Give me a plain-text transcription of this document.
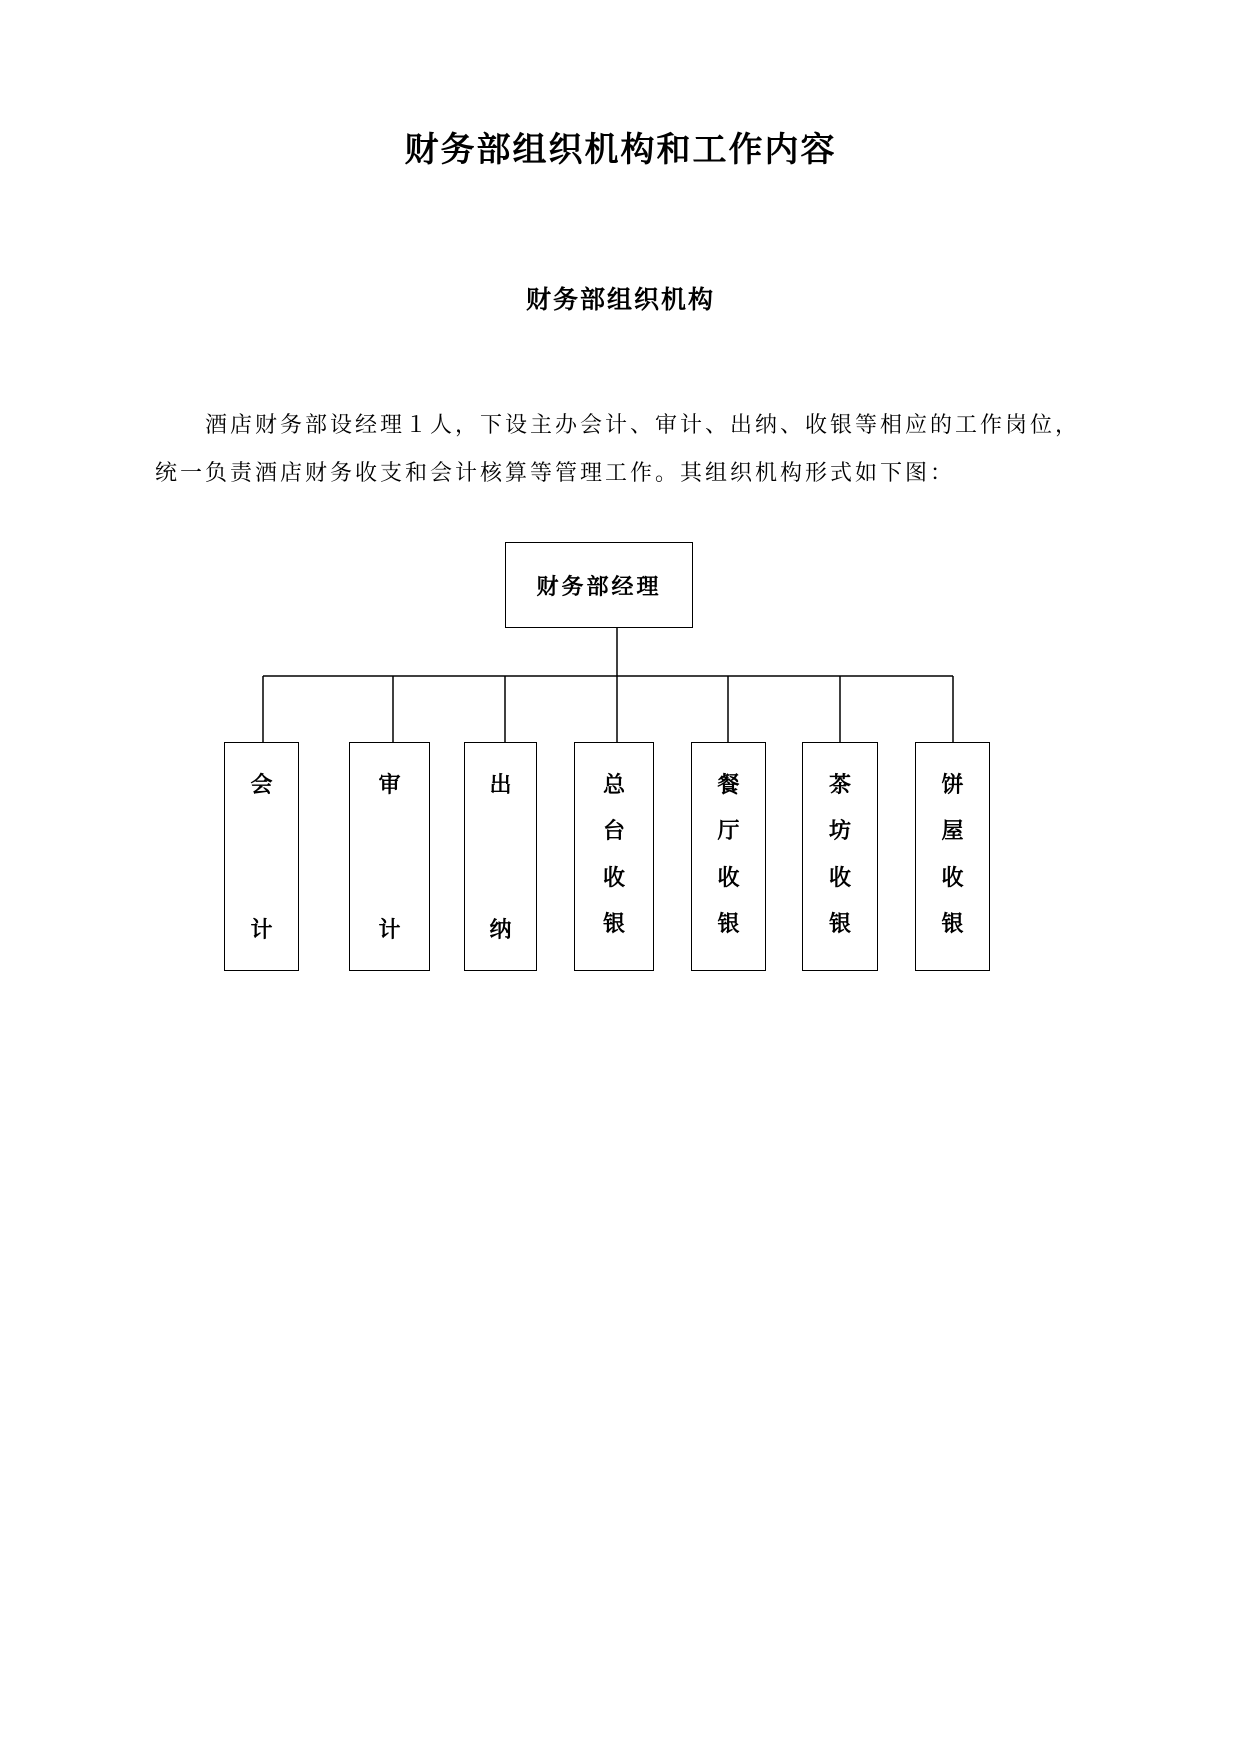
财务部组织机构和工作内容
财务部组织机构

酒店财务部设经理１人，下设主办会计、审计、出纳、收银等相应的工作岗位，统一负责酒店财务收支和会计核算等管理工作。其组织机构形式如下图：

财务部经理
会
计
审
计
出
纳
总
台
收
银
餐
厅
收
银
茶
坊
收
银
饼
屋
收
银
